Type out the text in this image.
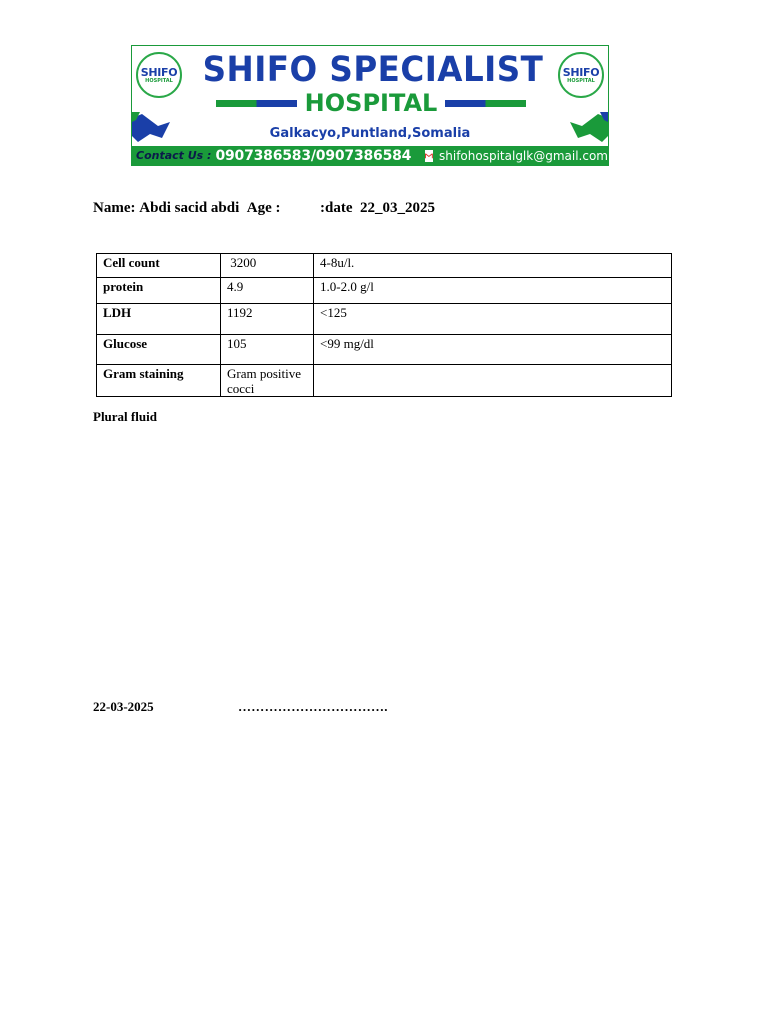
SHIFO
HOSPITAL
SHIFO
HOSPITAL
SHIFO SPECIALIST
HOSPITAL
Galkacyo,Puntland,Somalia
Contact Us : 0907386583/0907386584 shifohospitalglk@gmail.com
Name: Abdi sacid abdi Age :	:date 22_03_2025
Cell count	3200	4-8u/l.
protein	4.9	1.0-2.0 g/l
LDH	1192	<125
Glucose	105	<99 mg/dl
Gram staining	Gram positive cocci	
Plural fluid
22-03-2025	…………………………….
